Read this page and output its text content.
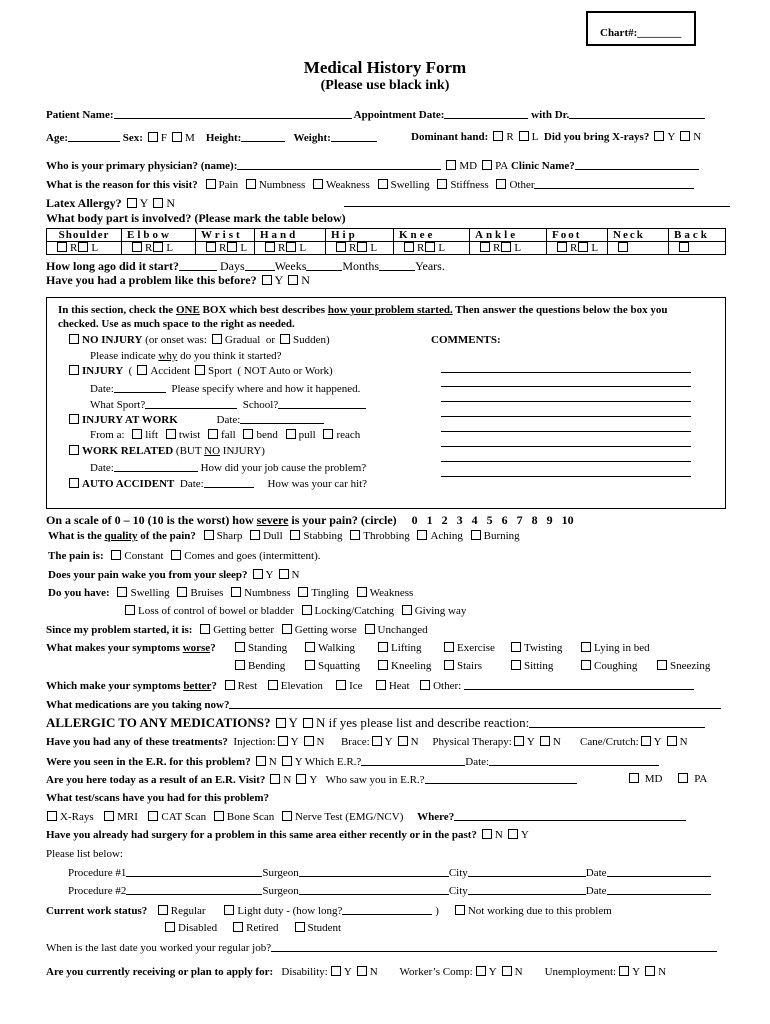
Chart#:________
Medical History Form
(Please use black ink)
Patient Name:	Appointment Date:	with Dr.
Age:	Sex: F M Height:	Weight:	Dominant hand: R L Did you bring X-rays? Y N
Who is your primary physician? (name):	MD PA Clinic Name?
What is the reason for this visit? Pain Numbness Weakness Swelling Stiffness Other
Latex Allergy? Y N
What body part is involved? (Please mark the table below)
Shoulder	Elbow	Wrist	Hand	Hip	Knee	Ankle	Foot	Neck	Back
R L	R L	R L	R L	R L	R L	R L	R L		
How long ago did it start?	Days	Weeks	Months	Years.
Have you had a problem like this before? Y N
In this section, check the ONE BOX which best describes how your problem started. Then answer the questions below the box you
checked. Use as much space to the right as needed.
NO INJURY (or onset was: Gradual or Sudden)	COMMENTS:
Please indicate why do you think it started?
INJURY  ( Accident Sport ( NOT Auto or Work)
Date:	Please specify where and how it happened.
What Sport?	School?
INJURY AT WORK	Date:
From a: lift twist fall bend pull reach
WORK RELATED (BUT NO INJURY)
Date:	How did your job cause the problem?
AUTO ACCIDENT Date:	How was your car hit?
On a scale of 0 – 10 (10 is the worst) how severe is your pain? (circle) 0 1 2 3 4 5 6 7 8 9 10
What is the quality of the pain? Sharp Dull Stabbing Throbbing Aching Burning
The pain is: Constant Comes and goes (intermittent).
Does your pain wake you from your sleep? Y N
Do you have: Swelling Bruises Numbness Tingling Weakness
Loss of control of bowel or bladder Locking/Catching Giving way
Since my problem started, it is: Getting better Getting worse Unchanged
What makes your symptoms worse?	Standing	Walking	Lifting	Exercise	Twisting	Lying in bed
Bending	Squatting	Kneeling	Stairs	Sitting	Coughing	Sneezing
Which make your symptoms better? Rest Elevation Ice Heat Other:
What medications are you taking now?
ALLERGIC TO ANY MEDICATIONS? Y N if yes please list and describe reaction:
Have you had any of these treatments? Injection: Y N Brace: Y N Physical Therapy: Y N Cane/Crutch: Y N
Were you seen in the E.R. for this problem? N Y Which E.R.?	Date:
Are you here today as a result of an E.R. Visit? N Y Who saw you in E.R.?	MD	PA
What test/scans have you had for this problem?
X-Rays MRI CAT Scan Bone Scan Nerve Test (EMG/NCV) Where?
Have you already had surgery for a problem in this same area either recently or in the past? N Y
Please list below:
Procedure #1	Surgeon	City	Date
Procedure #2	Surgeon	City	Date
Current work status? Regular	Light duty - (how long?	)	Not working due to this problem
Disabled	Retired	Student
When is the last date you worked your regular job?
Are you currently receiving or plan to apply for: Disability: Y N Worker’s Comp: Y N Unemployment: Y N
